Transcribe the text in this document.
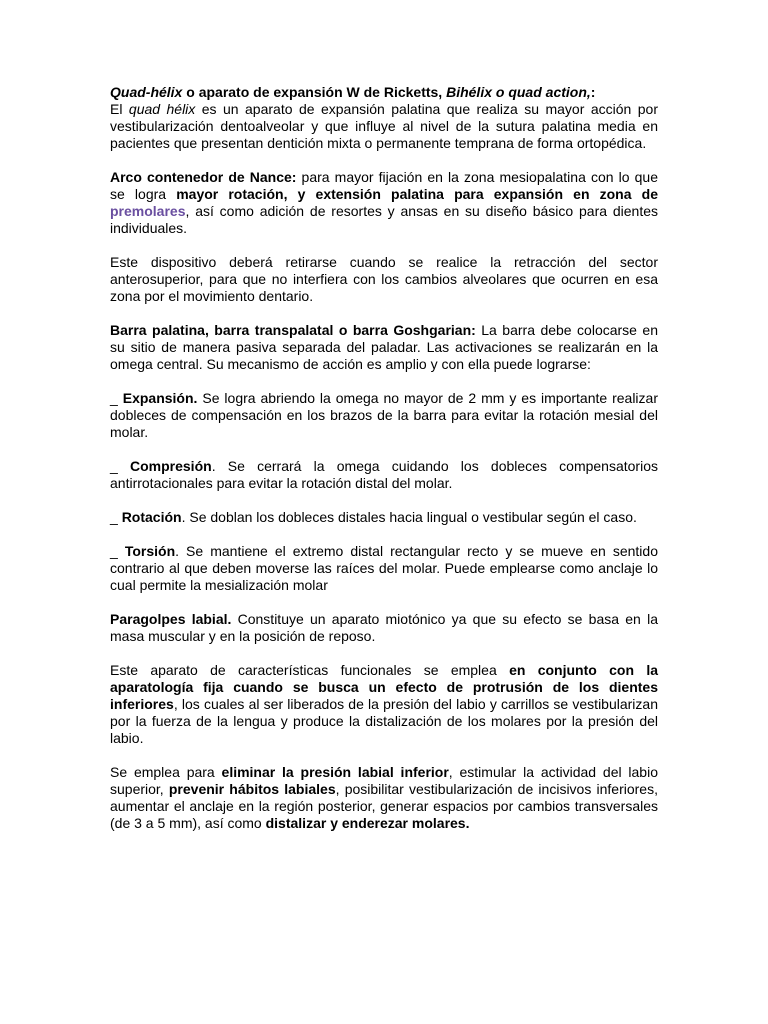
Quad-hélix o aparato de expansión W de Ricketts, Bihélix o quad action,:
El quad hélix es un aparato de expansión palatina que realiza su mayor acción por vestibularización dentoalveolar y que influye al nivel de la sutura palatina media en pacientes que presentan dentición mixta o permanente temprana de forma ortopédica.

Arco contenedor de Nance: para mayor fijación en la zona mesiopalatina con lo que se logra mayor rotación, y extensión palatina para expansión en zona de premolares, así como adición de resortes y ansas en su diseño básico para dientes individuales.

Este dispositivo deberá retirarse cuando se realice la retracción del sector anterosuperior, para que no interfiera con los cambios alveolares que ocurren en esa zona por el movimiento dentario.

Barra palatina, barra transpalatal o barra Goshgarian: La barra debe colocarse en su sitio de manera pasiva separada del paladar. Las activaciones se realizarán en la omega central. Su mecanismo de acción es amplio y con ella puede lograrse:

_ Expansión. Se logra abriendo la omega no mayor de 2 mm y es importante realizar dobleces de compensación en los brazos de la barra para evitar la rotación mesial del molar.

_ Compresión. Se cerrará la omega cuidando los dobleces compensatorios antirrotacionales para evitar la rotación distal del molar.

_ Rotación. Se doblan los dobleces distales hacia lingual o vestibular según el caso.

_ Torsión. Se mantiene el extremo distal rectangular recto y se mueve en sentido contrario al que deben moverse las raíces del molar. Puede emplearse como anclaje lo cual permite la mesialización molar

Paragolpes labial. Constituye un aparato miotónico ya que su efecto se basa en la masa muscular y en la posición de reposo.

Este aparato de características funcionales se emplea en conjunto con la aparatología fija cuando se busca un efecto de protrusión de los dientes inferiores, los cuales al ser liberados de la presión del labio y carrillos se vestibularizan por la fuerza de la lengua y produce la distalización de los molares por la presión del labio.

Se emplea para eliminar la presión labial inferior, estimular la actividad del labio superior, prevenir hábitos labiales, posibilitar vestibularización de incisivos inferiores, aumentar el anclaje en la región posterior, generar espacios por cambios transversales (de 3 a 5 mm), así como distalizar y enderezar molares.
